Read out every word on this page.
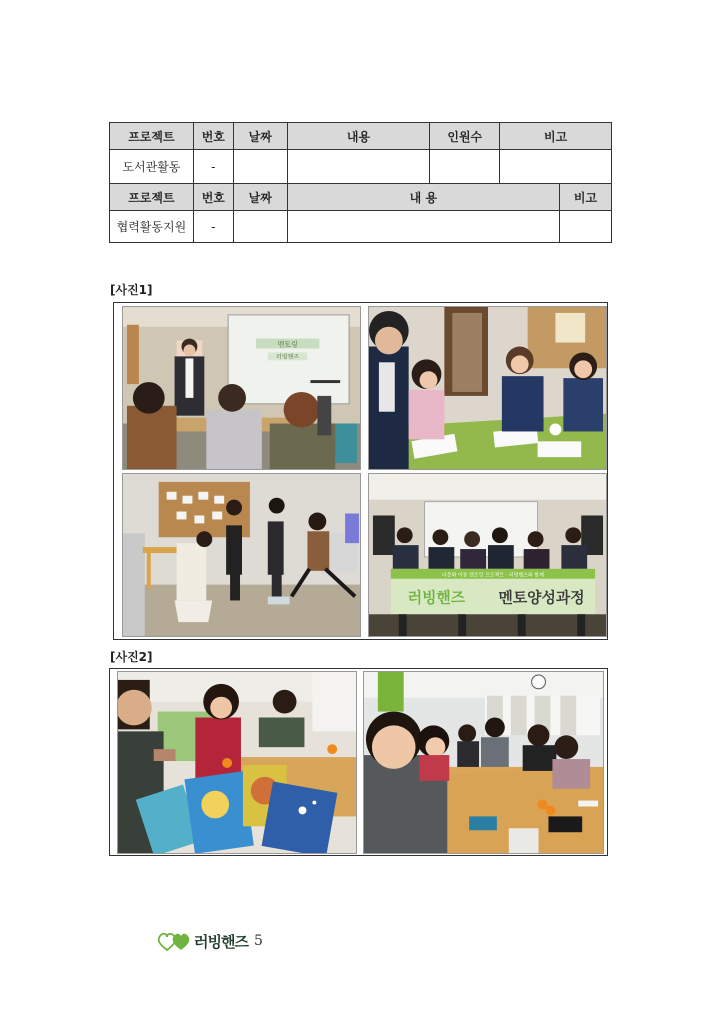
프로젝트	번호	날짜	내용	인원수	비고
도서관활동	-				
프로젝트	번호	날짜	내 용	비고
협력활동지원	-			
[사진1]
멘토링
러빙핸즈
다문화 아동 멘토링 프로젝트 · 러빙핸즈와 함께
러빙핸즈 멘토양성과정
[사진2]
러빙핸즈 5
